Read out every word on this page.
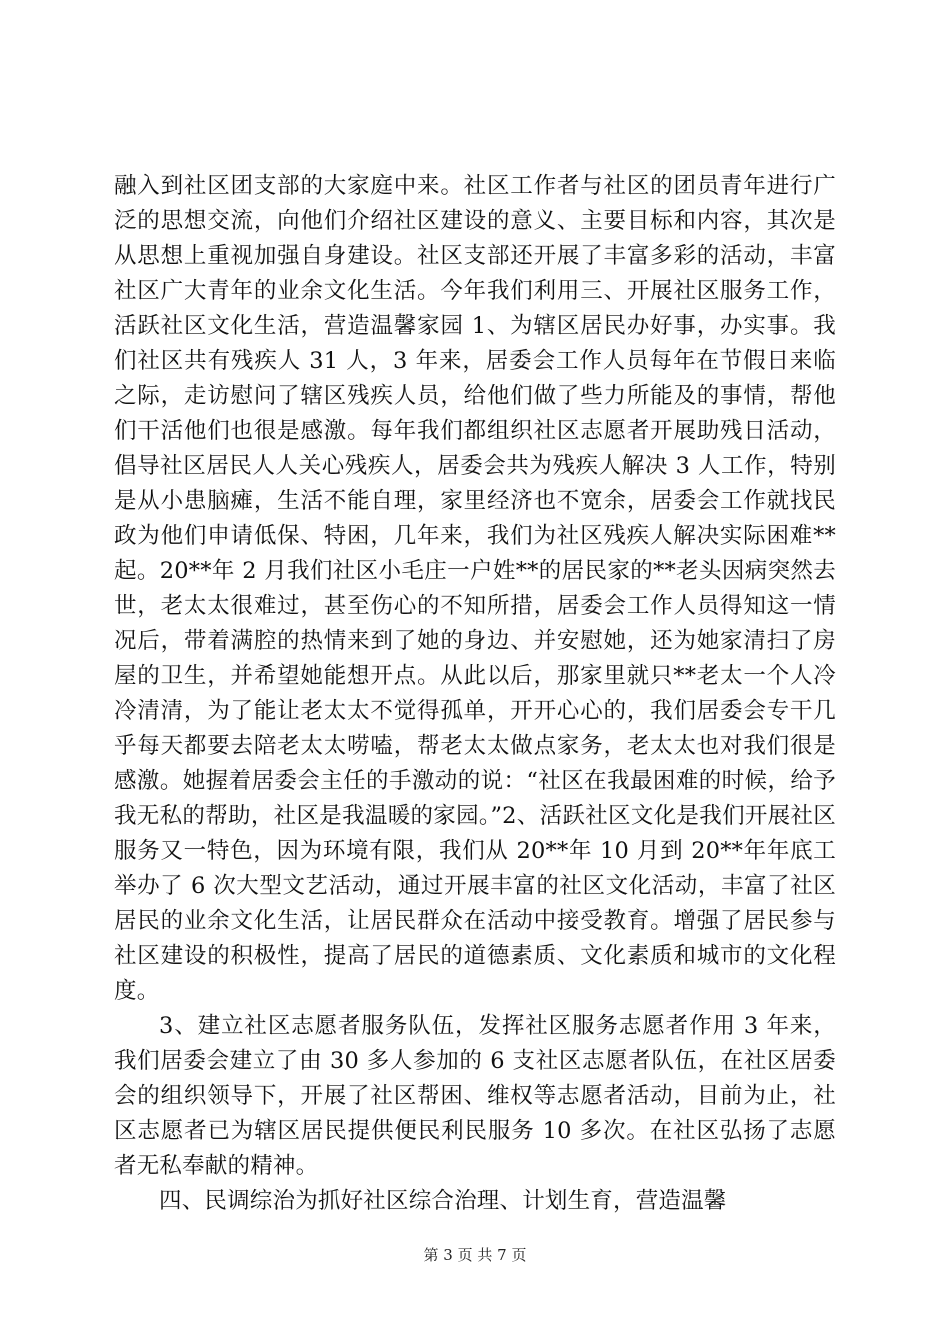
融入到社区团支部的大家庭中来。社区工作者与社区的团员青年进行广泛的思想交流，向他们介绍社区建设的意义、主要目标和内容，其次是从思想上重视加强自身建设。社区支部还开展了丰富多彩的活动，丰富社区广大青年的业余文化生活。今年我们利用三、开展社区服务工作，活跃社区文化生活，营造温馨家园 1、为辖区居民办好事，办实事。我们社区共有残疾人 31 人，3 年来，居委会工作人员每年在节假日来临之际，走访慰问了辖区残疾人员，给他们做了些力所能及的事情，帮他们干活他们也很是感激。每年我们都组织社区志愿者开展助残日活动，倡导社区居民人人关心残疾人，居委会共为残疾人解决 3 人工作，特别是从小患脑瘫，生活不能自理，家里经济也不宽余，居委会工作就找民政为他们申请低保、特困，几年来，我们为社区残疾人解决实际困难**起。20**年 2 月我们社区小毛庄一户姓**的居民家的**老头因病突然去世，老太太很难过，甚至伤心的不知所措，居委会工作人员得知这一情况后，带着满腔的热情来到了她的身边、并安慰她，还为她家清扫了房屋的卫生，并希望她能想开点。从此以后，那家里就只**老太一个人冷冷清清，为了能让老太太不觉得孤单，开开心心的，我们居委会专干几乎每天都要去陪老太太唠嗑，帮老太太做点家务，老太太也对我们很是感激。她握着居委会主任的手激动的说：“社区在我最困难的时候，给予我无私的帮助，社区是我温暖的家园。”2、活跃社区文化是我们开展社区服务又一特色，因为环境有限，我们从 20**年 10 月到 20**年年底工举办了 6 次大型文艺活动，通过开展丰富的社区文化活动，丰富了社区居民的业余文化生活，让居民群众在活动中接受教育。增强了居民参与社区建设的积极性，提高了居民的道德素质、文化素质和城市的文化程度。

3、建立社区志愿者服务队伍，发挥社区服务志愿者作用 3 年来，我们居委会建立了由 30 多人参加的 6 支社区志愿者队伍，在社区居委会的组织领导下，开展了社区帮困、维权等志愿者活动，目前为止，社区志愿者已为辖区居民提供便民利民服务 10 多次。在社区弘扬了志愿者无私奉献的精神。

四、民调综治为抓好社区综合治理、计划生育，营造温馨

第 3 页 共 7 页
